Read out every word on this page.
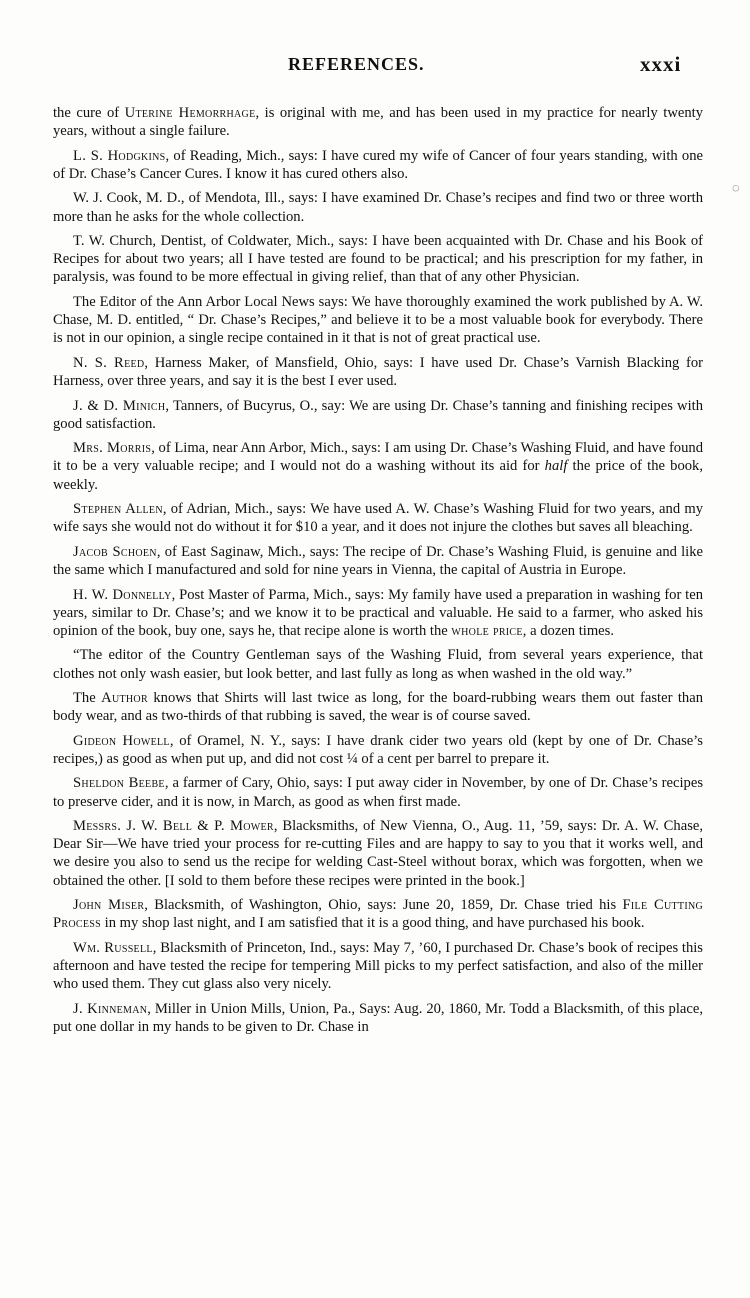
REFERENCES.	xxxi
◌

the cure of Uterine Hemorrhage, is original with me, and has been used in my practice for nearly twenty years, without a single failure.

L. S. Hodgkins, of Reading, Mich., says: I have cured my wife of Cancer of four years standing, with one of Dr. Chase’s Cancer Cures. I know it has cured others also.

W. J. Cook, M. D., of Mendota, Ill., says: I have examined Dr. Chase’s recipes and find two or three worth more than he asks for the whole collection.

T. W. Church, Dentist, of Coldwater, Mich., says: I have been acquainted with Dr. Chase and his Book of Recipes for about two years; all I have tested are found to be practical; and his prescription for my father, in paralysis, was found to be more effectual in giving relief, than that of any other Physician.

The Editor of the Ann Arbor Local News says: We have thoroughly examined the work published by A. W. Chase, M. D. entitled, “ Dr. Chase’s Recipes,” and believe it to be a most valuable book for everybody. There is not in our opinion, a single recipe contained in it that is not of great practical use.

N. S. Reed, Harness Maker, of Mansfield, Ohio, says: I have used Dr. Chase’s Varnish Blacking for Harness, over three years, and say it is the best I ever used.

J. & D. Minich, Tanners, of Bucyrus, O., say: We are using Dr. Chase’s tanning and finishing recipes with good satisfaction.

Mrs. Morris, of Lima, near Ann Arbor, Mich., says: I am using Dr. Chase’s Washing Fluid, and have found it to be a very valuable recipe; and I would not do a washing without its aid for half the price of the book, weekly.

Stephen Allen, of Adrian, Mich., says: We have used A. W. Chase’s Washing Fluid for two years, and my wife says she would not do without it for $10 a year, and it does not injure the clothes but saves all bleaching.

Jacob Schoen, of East Saginaw, Mich., says: The recipe of Dr. Chase’s Washing Fluid, is genuine and like the same which I manufactured and sold for nine years in Vienna, the capital of Austria in Europe.

H. W. Donnelly, Post Master of Parma, Mich., says: My family have used a preparation in washing for ten years, similar to Dr. Chase’s; and we know it to be practical and valuable. He said to a farmer, who asked his opinion of the book, buy one, says he, that recipe alone is worth the whole price, a dozen times.

“The editor of the Country Gentleman says of the Washing Fluid, from several years experience, that clothes not only wash easier, but look better, and last fully as long as when washed in the old way.”

The Author knows that Shirts will last twice as long, for the board-rubbing wears them out faster than body wear, and as two-thirds of that rubbing is saved, the wear is of course saved.

Gideon Howell, of Oramel, N. Y., says: I have drank cider two years old (kept by one of Dr. Chase’s recipes,) as good as when put up, and did not cost ¼ of a cent per barrel to prepare it.

Sheldon Beebe, a farmer of Cary, Ohio, says: I put away cider in November, by one of Dr. Chase’s recipes to preserve cider, and it is now, in March, as good as when first made.

Messrs. J. W. Bell & P. Mower, Blacksmiths, of New Vienna, O., Aug. 11, ’59, says: Dr. A. W. Chase, Dear Sir—We have tried your process for re-cutting Files and are happy to say to you that it works well, and we desire you also to send us the recipe for welding Cast-Steel without borax, which was forgotten, when we obtained the other. [I sold to them before these recipes were printed in the book.]

John Miser, Blacksmith, of Washington, Ohio, says: June 20, 1859, Dr. Chase tried his File Cutting Process in my shop last night, and I am satisfied that it is a good thing, and have purchased his book.

Wm. Russell, Blacksmith of Princeton, Ind., says: May 7, ’60, I purchased Dr. Chase’s book of recipes this afternoon and have tested the recipe for tempering Mill picks to my perfect satisfaction, and also of the miller who used them. They cut glass also very nicely.

J. Kinneman, Miller in Union Mills, Union, Pa., Says: Aug. 20, 1860, Mr. Todd a Blacksmith, of this place, put one dollar in my hands to be given to Dr. Chase in
